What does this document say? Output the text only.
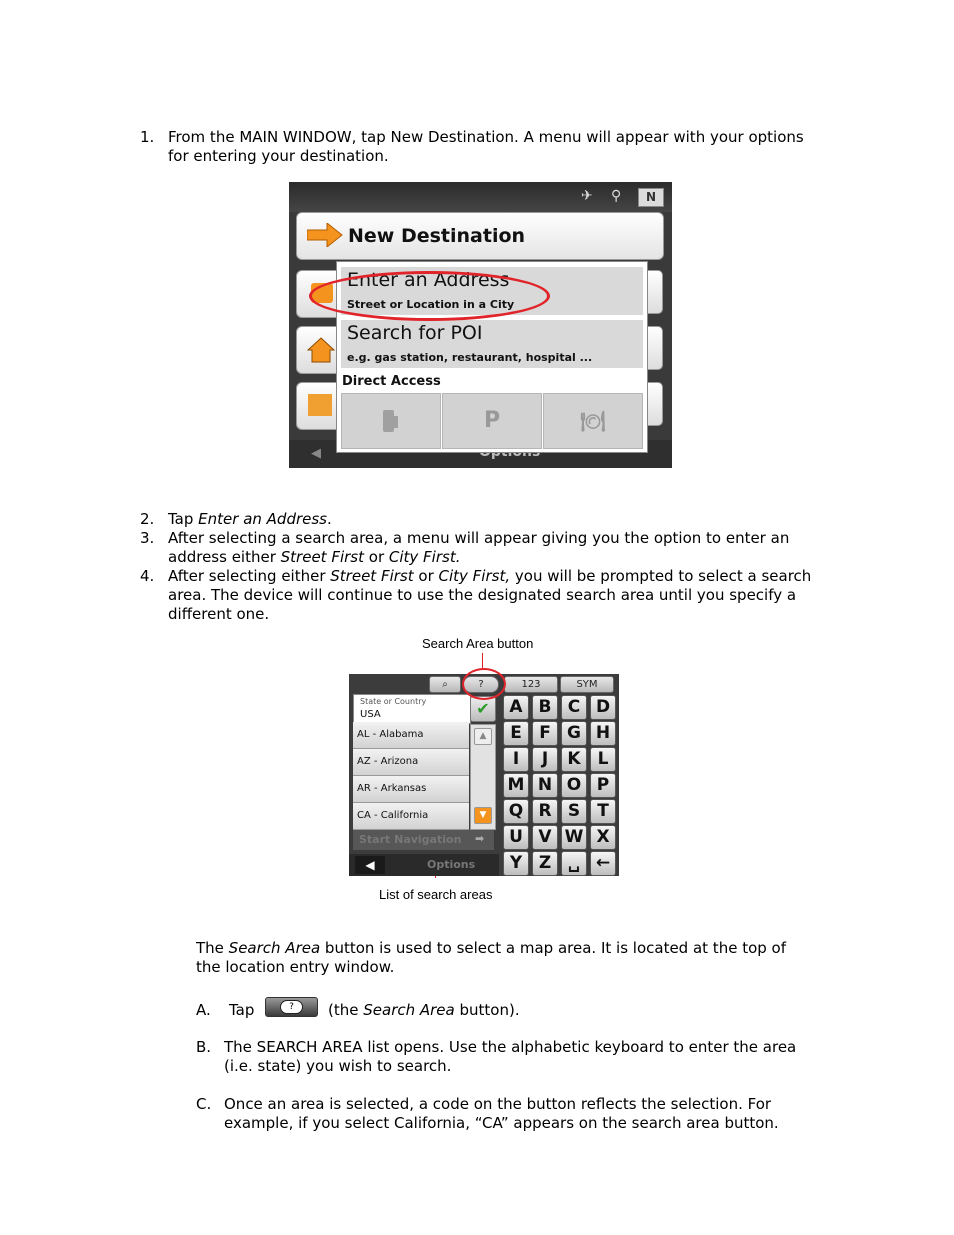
1. From the MAIN WINDOW, tap New Destination. A menu will appear with your options
for entering your destination.
✈ ⚲	N
New Destination
◀
Enter an Address
Street or Location in a City
Search for POI
e.g. gas station, restaurant, hospital ...
Direct Access
P	🍽
2. Tap Enter an Address.
3. After selecting a search area, a menu will appear giving you the option to enter an
address either Street First or City First.
4. After selecting either Street First or City First, you will be prompted to select a search
area. The device will continue to use the designated search area until you specify a
different one.
Search Area button
List of search areas
⌕	?	123	SYM
State or Country
USA	✔
AL - Alabama
AZ - Arizona
AR - Arkansas
CA - California
▲
▼
Start Navigation ➡
◀	Options
A B C D
E	F G H
I	J	K L
M N O P
Q R S	T
U V W X
Y Z ␣ ←
The Search Area button is used to select a map area. It is located at the top of
the location entry window.
A. Tap	?	(the Search Area button).
B. The SEARCH AREA list opens. Use the alphabetic keyboard to enter the area
(i.e. state) you wish to search.
C. Once an area is selected, a code on the button reflects the selection. For
example, if you select California, “CA” appears on the search area button.
